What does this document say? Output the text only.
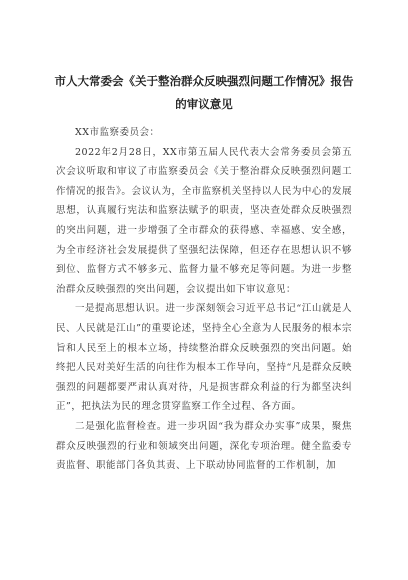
市人大常委会《关于整治群众反映强烈问题工作情况》报告的审议意见

XX市监察委员会：

2022年2月28日，XX市第五届人民代表大会常务委员会第五次会议听取和审议了市监察委员会《关于整治群众反映强烈问题工作情况的报告》。会议认为，全市监察机关坚持以人民为中心的发展思想，认真履行宪法和监察法赋予的职责，坚决查处群众反映强烈的突出问题，进一步增强了全市群众的获得感、幸福感、安全感，为全市经济社会发展提供了坚强纪法保障，但还存在思想认识不够到位、监督方式不够多元、监督力量不够充足等问题。为进一步整治群众反映强烈的突出问题，会议提出如下审议意见：

一是提高思想认识。进一步深刻领会习近平总书记“江山就是人民、人民就是江山”的重要论述，坚持全心全意为人民服务的根本宗旨和人民至上的根本立场，持续整治群众反映强烈的突出问题。始终把人民对美好生活的向往作为根本工作导向，坚持“凡是群众反映强烈的问题都要严肃认真对待，凡是损害群众利益的行为都坚决纠正”，把执法为民的理念贯穿监察工作全过程、各方面。

二是强化监督检查。进一步巩固“我为群众办实事”成果，聚焦群众反映强烈的行业和领域突出问题，深化专项治理。健全监委专责监督、职能部门各负其责、上下联动协同监督的工作机制，加
